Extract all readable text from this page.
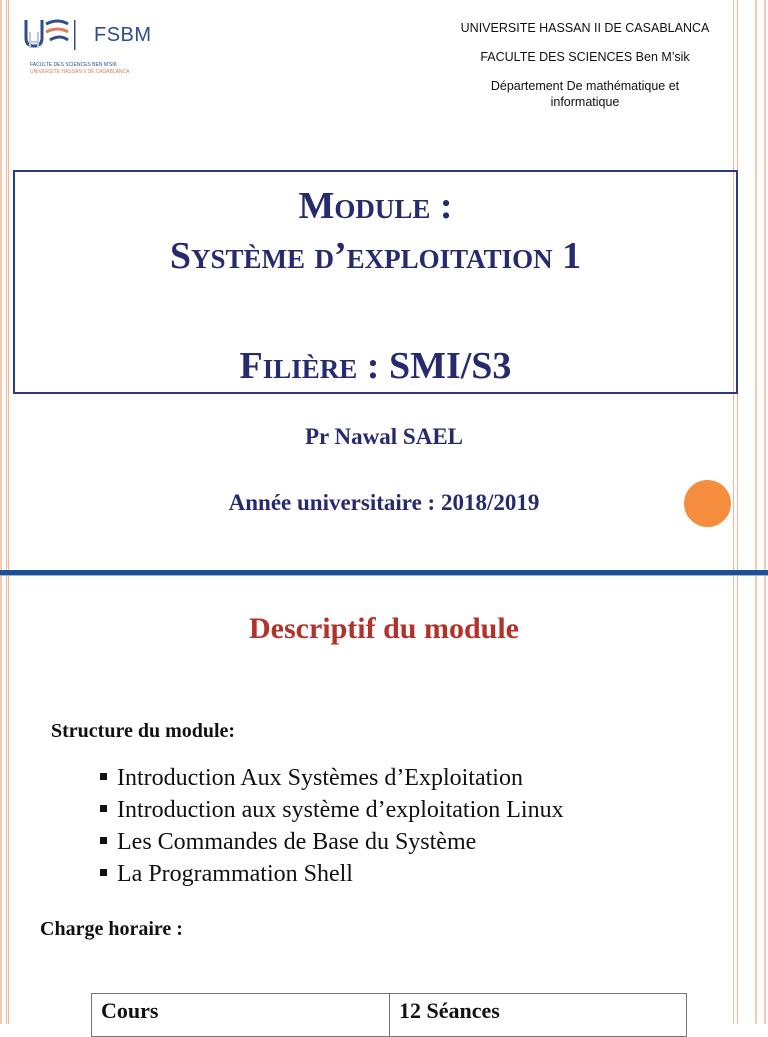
FSBM
FACULTE DES SCIENCES BEN M'SIK
UNIVERSITE HASSAN II DE CASABLANCA
UNIVERSITE HASSAN II DE CASABLANCA
FACULTE DES SCIENCES Ben M’sik
Département De mathématique et
informatique
Module :
Système d’exploitation 1
Filière : SMI/S3
Pr Nawal SAEL
Année universitaire : 2018/2019
Descriptif du module
Structure du module:
Introduction Aux Systèmes d’Exploitation
Introduction aux système d’exploitation Linux
Les Commandes de Base du Système
La Programmation Shell
Charge horaire :
Cours	12 Séances
